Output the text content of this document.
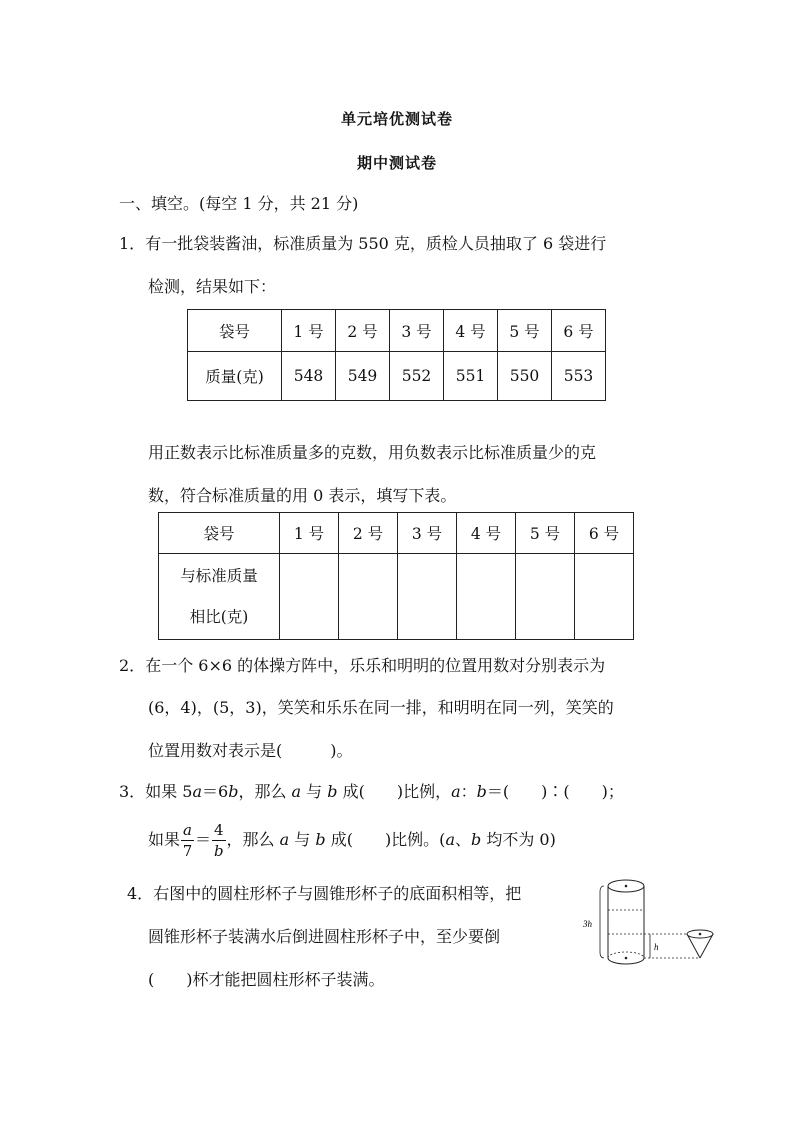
单元培优测试卷
期中测试卷
一、填空。(每空 1 分，共 21 分)
1．有一批袋装酱油，标准质量为 550 克，质检人员抽取了 6 袋进行
检测，结果如下：
袋号	1 号	2 号	3 号	4 号	5 号	6 号
质量(克)	548	549	552	551	550	553
用正数表示比标准质量多的克数，用负数表示比标准质量少的克
数，符合标准质量的用 0 表示，填写下表。
袋号	1 号	2 号	3 号	4 号	5 号	6 号

与标准质量
相比(克)						

2．在一个 6×6 的体操方阵中，乐乐和明明的位置用数对分别表示为
(6，4)，(5，3)，笑笑和乐乐在同一排，和明明在同一列，笑笑的
位置用数对表示是(　　　)。
3．如果 5a＝6b，那么 a 与 b 成(　　)比例，a：b＝(　　)∶(　　)；
如果 $\frac{a}{7} = \frac{4}{b}$ ，那么 a 与 b 成(　　)比例。(a、b 均不为 0)
4．右图中的圆柱形杯子与圆锥形杯子的底面积相等，把
圆锥形杯子装满水后倒进圆柱形杯子中，至少要倒
(　　)杯才能把圆柱形杯子装满。
3h
h
